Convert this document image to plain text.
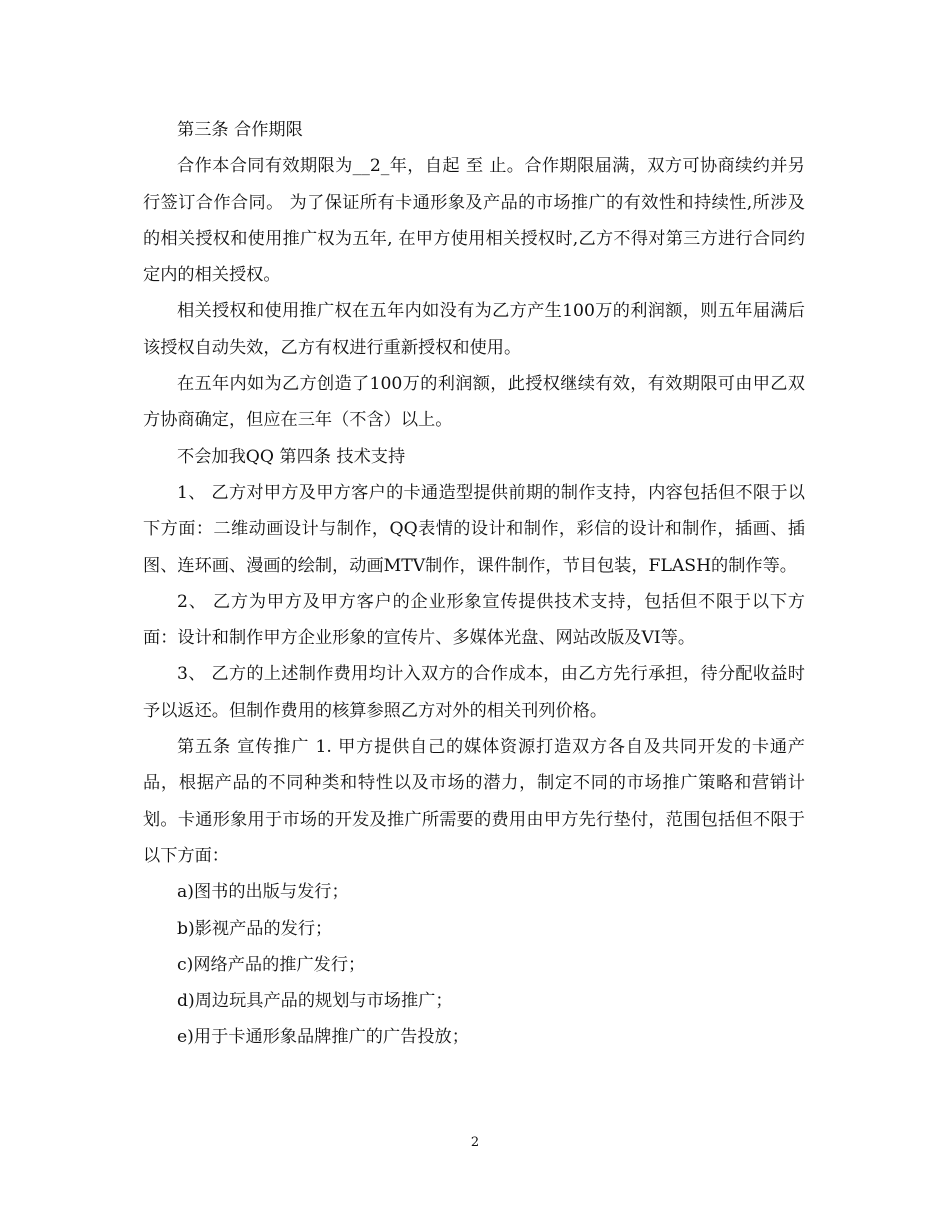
第三条 合作期限

合作本合同有效期限为__2_年，自起 至 止。合作期限届满，双方可协商续约并另行签订合作合同。 为了保证所有卡通形象及产品的市场推广的有效性和持续性,所涉及的相关授权和使用推广权为五年, 在甲方使用相关授权时,乙方不得对第三方进行合同约定内的相关授权。

相关授权和使用推广权在五年内如没有为乙方产生100万的利润额，则五年届满后 该授权自动失效，乙方有权进行重新授权和使用。

在五年内如为乙方创造了100万的利润额，此授权继续有效，有效期限可由甲乙双方协商确定，但应在三年（不含）以上。

不会加我QQ 第四条 技术支持

1、 乙方对甲方及甲方客户的卡通造型提供前期的制作支持，内容包括但不限于以下方面：二维动画设计与制作，QQ表情的设计和制作，彩信的设计和制作，插画、插图、连环画、漫画的绘制，动画MTV制作，课件制作，节目包装，FLASH的制作等。

2、 乙方为甲方及甲方客户的企业形象宣传提供技术支持，包括但不限于以下方面：设计和制作甲方企业形象的宣传片、多媒体光盘、网站改版及VI等。

3、 乙方的上述制作费用均计入双方的合作成本，由乙方先行承担，待分配收益时予以返还。但制作费用的核算参照乙方对外的相关刊列价格。

第五条 宣传推广 1. 甲方提供自己的媒体资源打造双方各自及共同开发的卡通产品，根据产品的不同种类和特性以及市场的潜力，制定不同的市场推广策略和营销计划。卡通形象用于市场的开发及推广所需要的费用由甲方先行垫付，范围包括但不限于以下方面：

a)图书的出版与发行；

b)影视产品的发行；

c)网络产品的推广发行；

d)周边玩具产品的规划与市场推广；

e)用于卡通形象品牌推广的广告投放；

2
